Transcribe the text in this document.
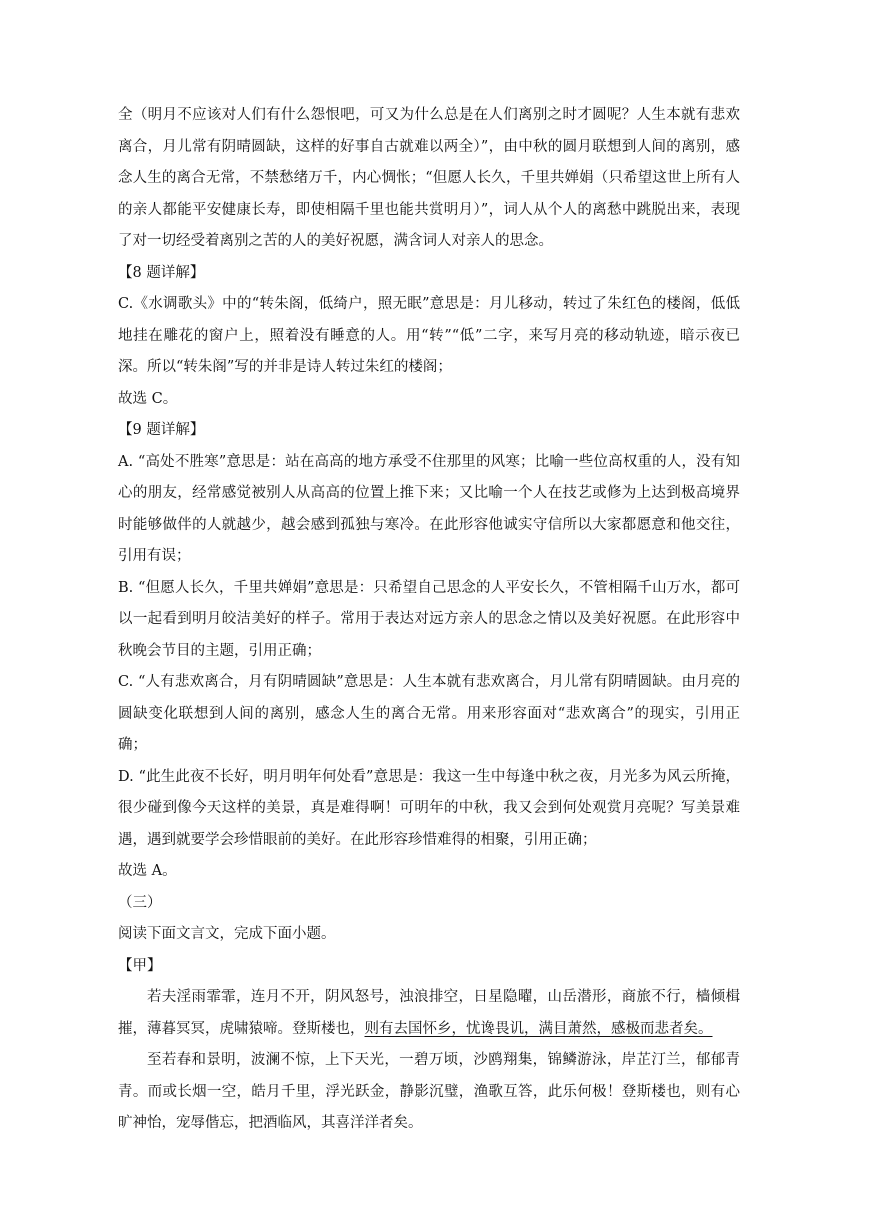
全（明月不应该对人们有什么怨恨吧，可又为什么总是在人们离别之时才圆呢？人生本就有悲欢离合，月儿常有阴晴圆缺，这样的好事自古就难以两全）”，由中秋的圆月联想到人间的离别，感念人生的离合无常，不禁愁绪万千，内心惆怅；“但愿人长久，千里共婵娟（只希望这世上所有人的亲人都能平安健康长寿，即使相隔千里也能共赏明月）”，词人从个人的离愁中跳脱出来，表现了对一切经受着离别之苦的人的美好祝愿，满含词人对亲人的思念。

【8 题详解】

C.《水调歌头》中的“转朱阁，低绮户，照无眠”意思是：月儿移动，转过了朱红色的楼阁，低低地挂在雕花的窗户上，照着没有睡意的人。用“转”“低”二字，来写月亮的移动轨迹，暗示夜已深。所以“转朱阁”写的并非是诗人转过朱红的楼阁；

故选 C。

【9 题详解】

A. “高处不胜寒”意思是：站在高高的地方承受不住那里的风寒；比喻一些位高权重的人，没有知心的朋友，经常感觉被别人从高高的位置上推下来；又比喻一个人在技艺或修为上达到极高境界时能够做伴的人就越少，越会感到孤独与寒冷。在此形容他诚实守信所以大家都愿意和他交往，引用有误；

B. “但愿人长久，千里共婵娟”意思是：只希望自己思念的人平安长久，不管相隔千山万水，都可以一起看到明月皎洁美好的样子。常用于表达对远方亲人的思念之情以及美好祝愿。在此形容中秋晚会节目的主题，引用正确；

C. “人有悲欢离合，月有阴晴圆缺”意思是：人生本就有悲欢离合，月儿常有阴晴圆缺。由月亮的圆缺变化联想到人间的离别，感念人生的离合无常。用来形容面对“悲欢离合”的现实，引用正确；

D. “此生此夜不长好，明月明年何处看”意思是：我这一生中每逢中秋之夜，月光多为风云所掩，很少碰到像今天这样的美景，真是难得啊！可明年的中秋，我又会到何处观赏月亮呢？写美景难遇，遇到就要学会珍惜眼前的美好。在此形容珍惜难得的相聚，引用正确；

故选 A。

（三）

阅读下面文言文，完成下面小题。

【甲】

若夫淫雨霏霏，连月不开，阴风怒号，浊浪排空，日星隐曜，山岳潜形，商旅不行，樯倾楫摧，薄暮冥冥，虎啸猿啼。登斯楼也，则有去国怀乡，忧谗畏讥，满目萧然，感极而悲者矣。

至若春和景明，波澜不惊，上下天光，一碧万顷，沙鸥翔集，锦鳞游泳，岸芷汀兰，郁郁青青。而或长烟一空，皓月千里，浮光跃金，静影沉璧，渔歌互答，此乐何极！登斯楼也，则有心旷神怡，宠辱偕忘，把酒临风，其喜洋洋者矣。
